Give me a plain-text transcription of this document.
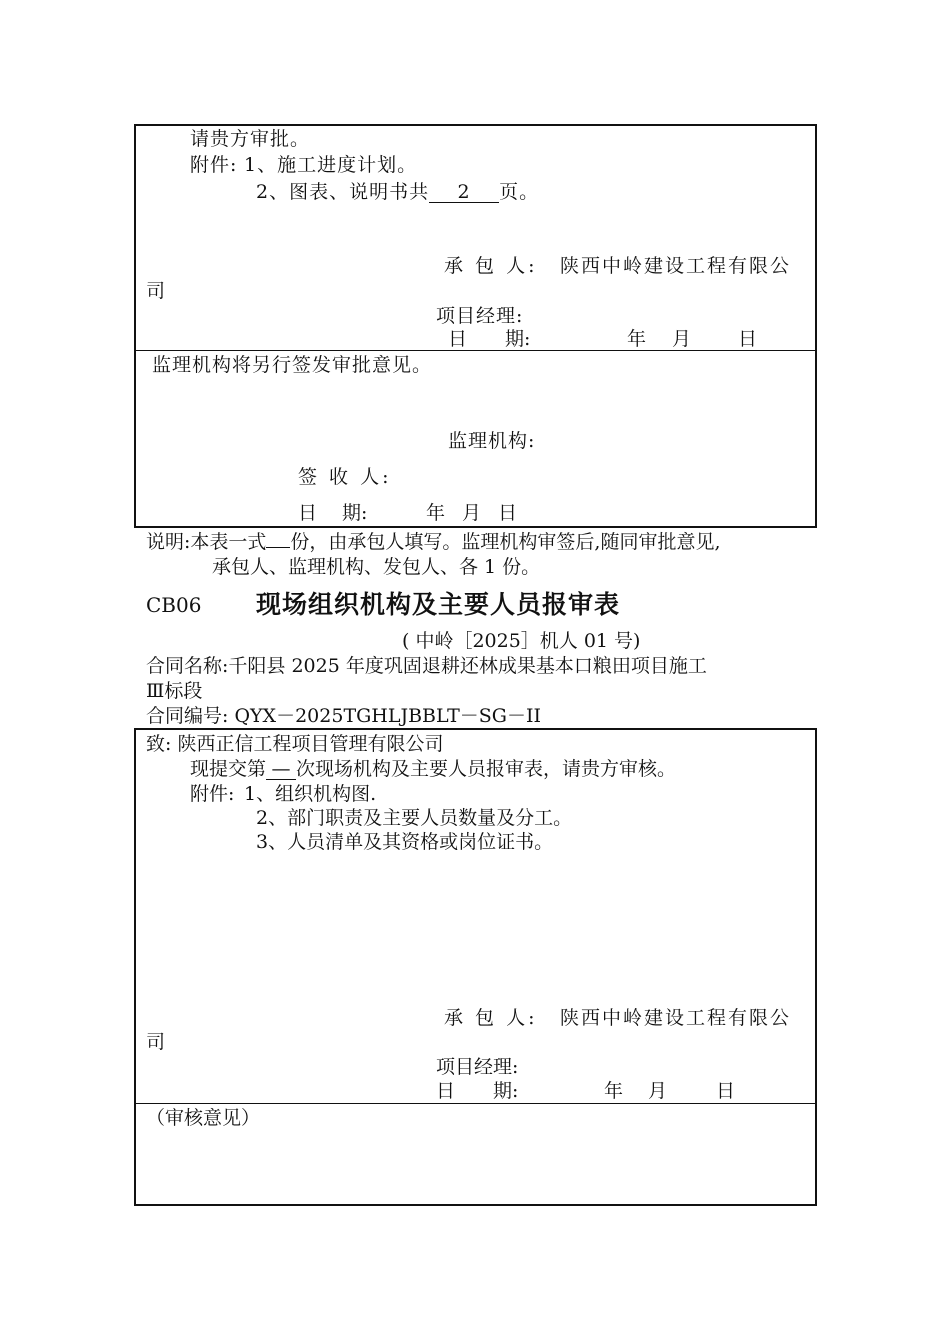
请贵方审批。
附件: 1、施工进度计划。
2、图表、说明书共 2 页。
承 包 人: 陕西中岭建设工程有限公
司
项目经理:
日　　期:	年 月 日
监理机构将另行签发审批意见。
监理机构:
签 收 人:
日　 期:	年 月 日
说明:本表一式 份，由承包人填写。监理机构审签后,随同审批意见,
承包人、监理机构、发包人、各 1 份。
CB06 现场组织机构及主要人员报审表
( 中岭［2025］机人 01 号)
合同名称:千阳县 2025 年度巩固退耕还林成果基本口粮田项目施工
Ⅲ标段
合同编号: QYX－2025TGHLJBBLT－SG－II
致: 陕西正信工程项目管理有限公司
现提交第 — 次现场机构及主要人员报审表，请贵方审核。
附件: 1、组织机构图.
2、部门职责及主要人员数量及分工。
3、人员清单及其资格或岗位证书。
承 包 人: 陕西中岭建设工程有限公
司
项目经理:
日　　期:	年 月	日
（审核意见）
